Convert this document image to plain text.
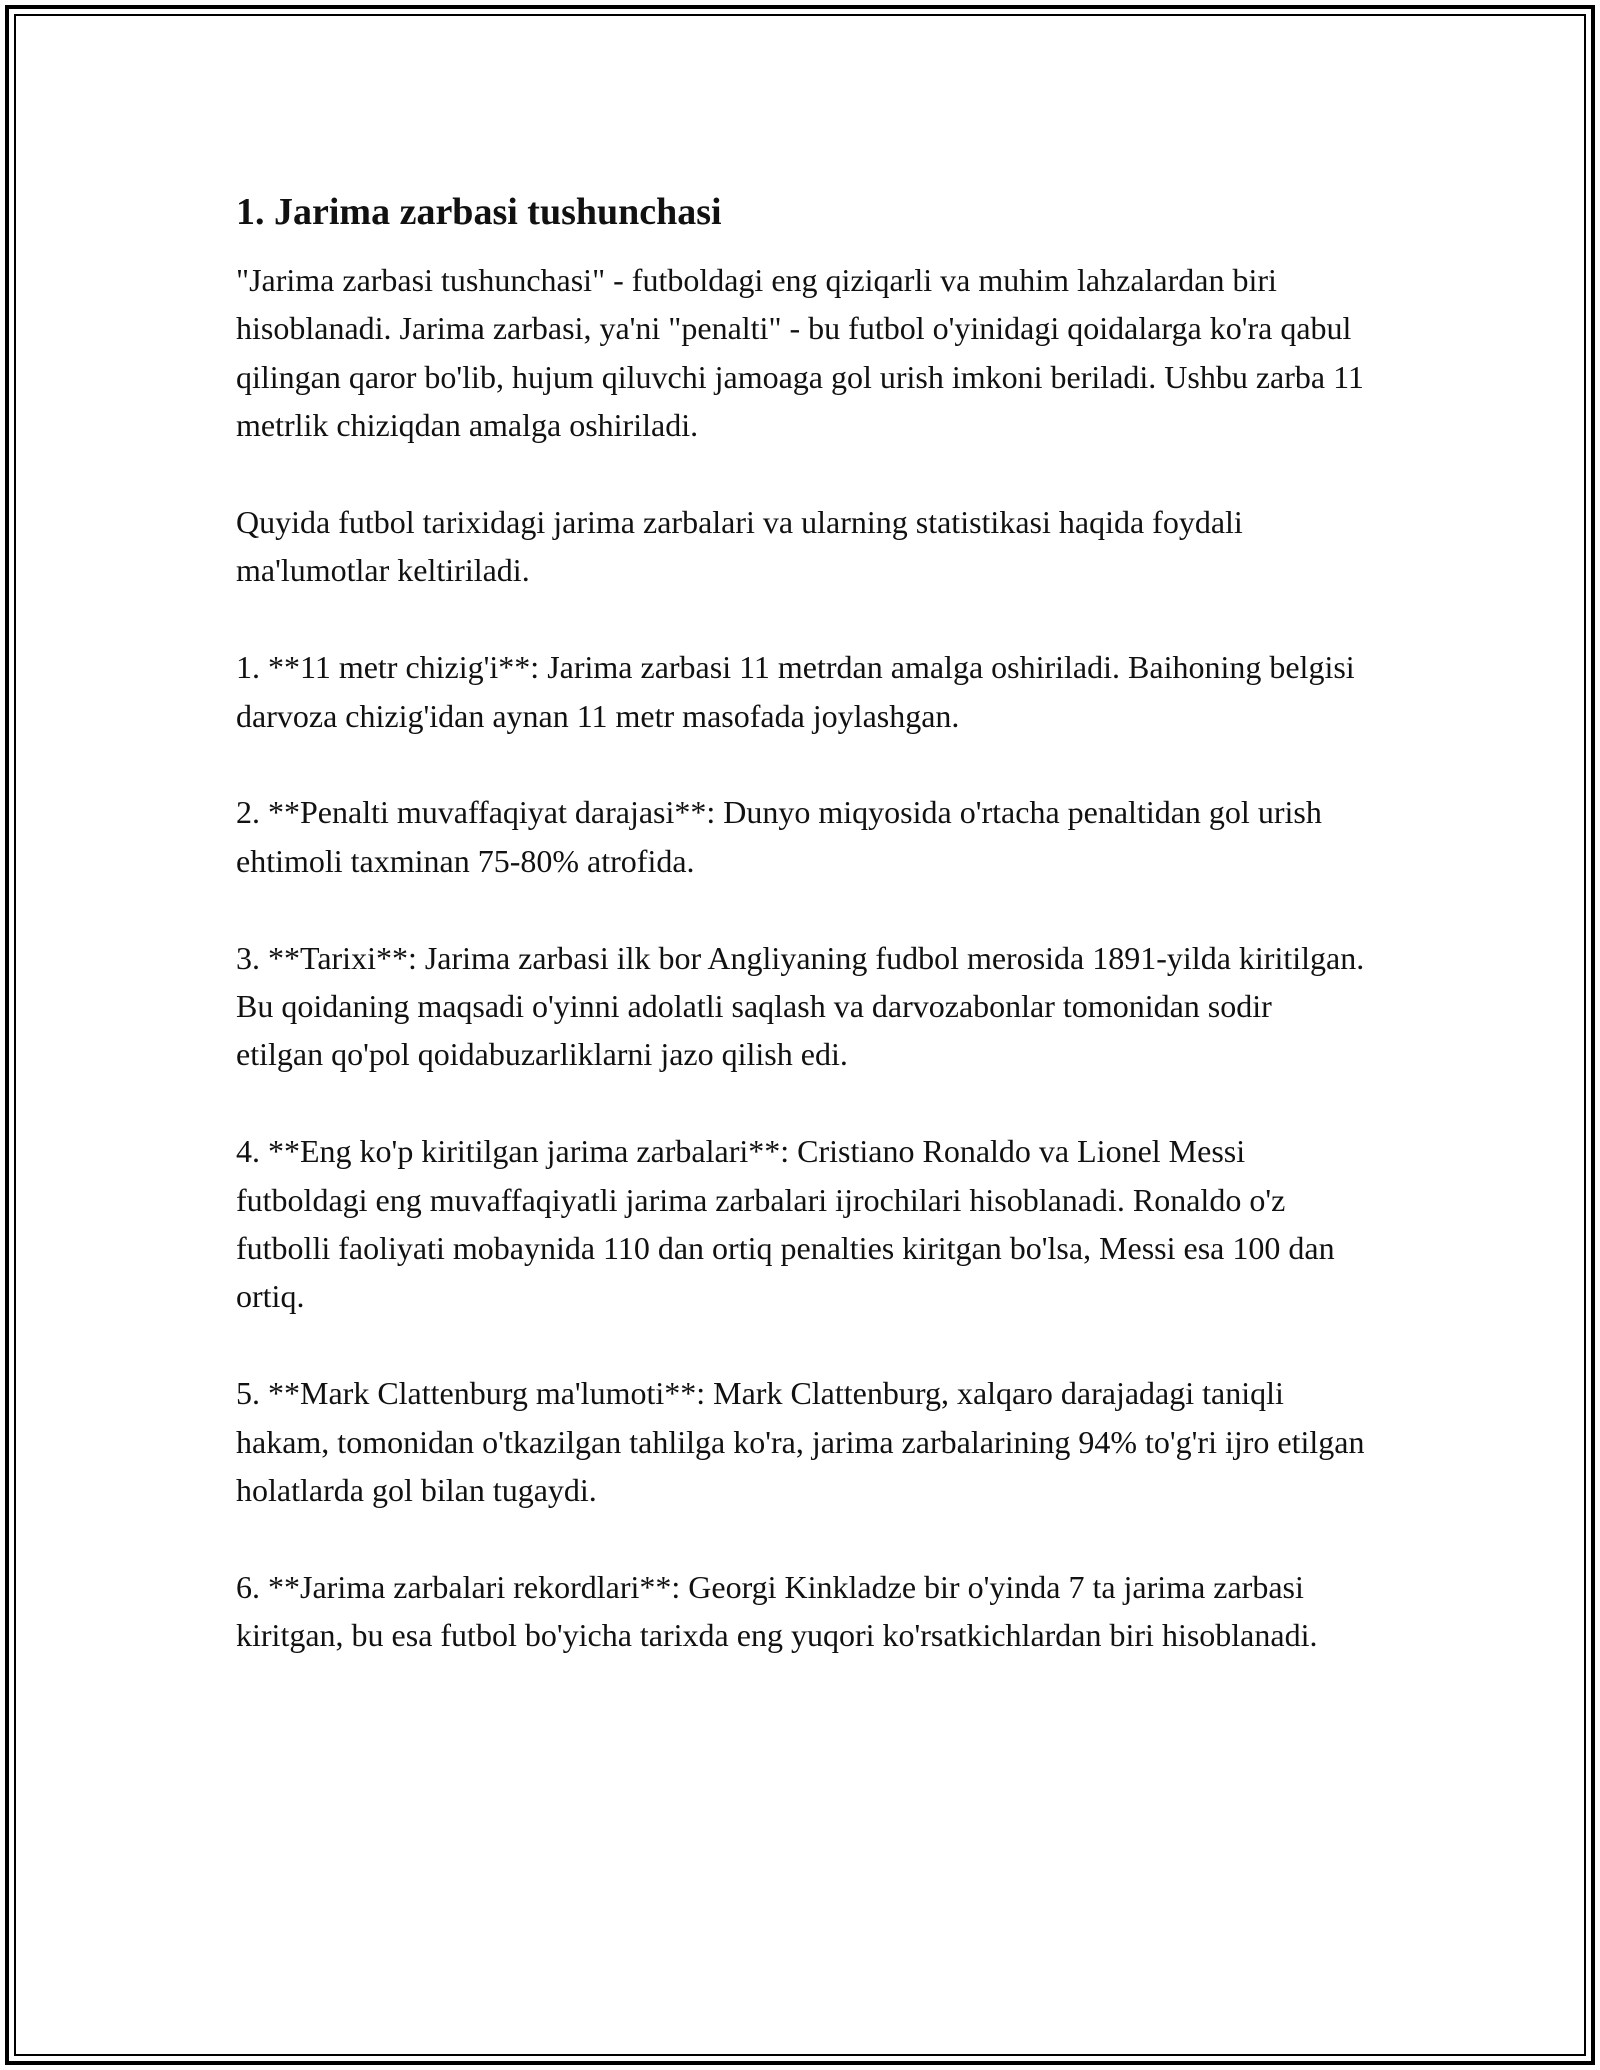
1. Jarima zarbasi tushunchasi

"Jarima zarbasi tushunchasi" - futboldagi eng qiziqarli va muhim lahzalardan biri hisoblanadi. Jarima zarbasi, ya'ni "penalti" - bu futbol o'yinidagi qoidalarga ko'ra qabul qilingan qaror bo'lib, hujum qiluvchi jamoaga gol urish imkoni beriladi. Ushbu zarba 11 metrlik chiziqdan amalga oshiriladi.

Quyida futbol tarixidagi jarima zarbalari va ularning statistikasi haqida foydali ma'lumotlar keltiriladi.

1. **11 metr chizig'i**: Jarima zarbasi 11 metrdan amalga oshiriladi. Baihoning belgisi darvoza chizig'idan aynan 11 metr masofada joylashgan.

2. **Penalti muvaffaqiyat darajasi**: Dunyo miqyosida o'rtacha penaltidan gol urish ehtimoli taxminan 75-80% atrofida.

3. **Tarixi**: Jarima zarbasi ilk bor Angliyaning fudbol merosida 1891-yilda kiritilgan. Bu qoidaning maqsadi o'yinni adolatli saqlash va darvozabonlar tomonidan sodir etilgan qo'pol qoidabuzarliklarni jazo qilish edi.

4. **Eng ko'p kiritilgan jarima zarbalari**: Cristiano Ronaldo va Lionel Messi futboldagi eng muvaffaqiyatli jarima zarbalari ijrochilari hisoblanadi. Ronaldo o'z futbolli faoliyati mobaynida 110 dan ortiq penalties kiritgan bo'lsa, Messi esa 100 dan ortiq.

5. **Mark Clattenburg ma'lumoti**: Mark Clattenburg, xalqaro darajadagi taniqli hakam, tomonidan o'tkazilgan tahlilga ko'ra, jarima zarbalarining 94% to'g'ri ijro etilgan holatlarda gol bilan tugaydi.

6. **Jarima zarbalari rekordlari**: Georgi Kinkladze bir o'yinda 7 ta jarima zarbasi kiritgan, bu esa futbol bo'yicha tarixda eng yuqori ko'rsatkichlardan biri hisoblanadi.
